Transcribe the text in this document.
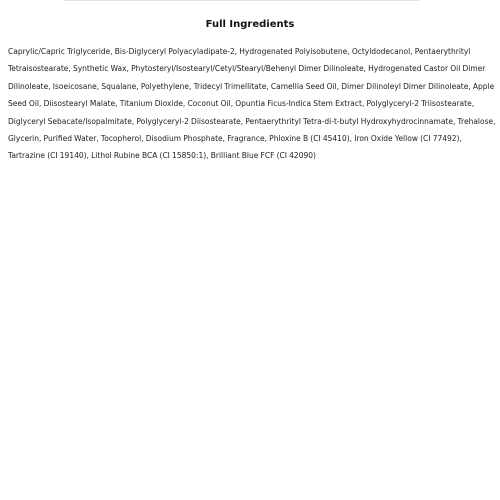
Full Ingredients

Caprylic/Capric Triglyceride, Bis-Diglyceryl Polyacyladipate-2, Hydrogenated Polyisobutene, Octyldodecanol, Pentaerythrityl Tetraisostearate, Synthetic Wax, Phytosteryl/Isostearyl/Cetyl/Stearyl/Behenyl Dimer Dilinoleate, Hydrogenated Castor Oil Dimer Dilinoleate, Isoeicosane, Squalane, Polyethylene, Tridecyl Trimellitate, Camellia Seed Oil, Dimer Dilinoleyl Dimer Dilinoleate, Apple Seed Oil, Diisostearyl Malate, Titanium Dioxide, Coconut Oil, Opuntia Ficus-Indica Stem Extract, Polyglyceryl-2 Triisostearate, Diglyceryl Sebacate/Isopalmitate, Polyglyceryl-2 Diisostearate, Pentaerythrityl Tetra-di-t-butyl Hydroxyhydrocinnamate, Trehalose, Glycerin, Purified Water, Tocopherol, Disodium Phosphate, Fragrance, Phloxine B (CI 45410), Iron Oxide Yellow (CI 77492), Tartrazine (CI 19140), Lithol Rubine BCA (CI 15850:1), Brilliant Blue FCF (CI 42090)
